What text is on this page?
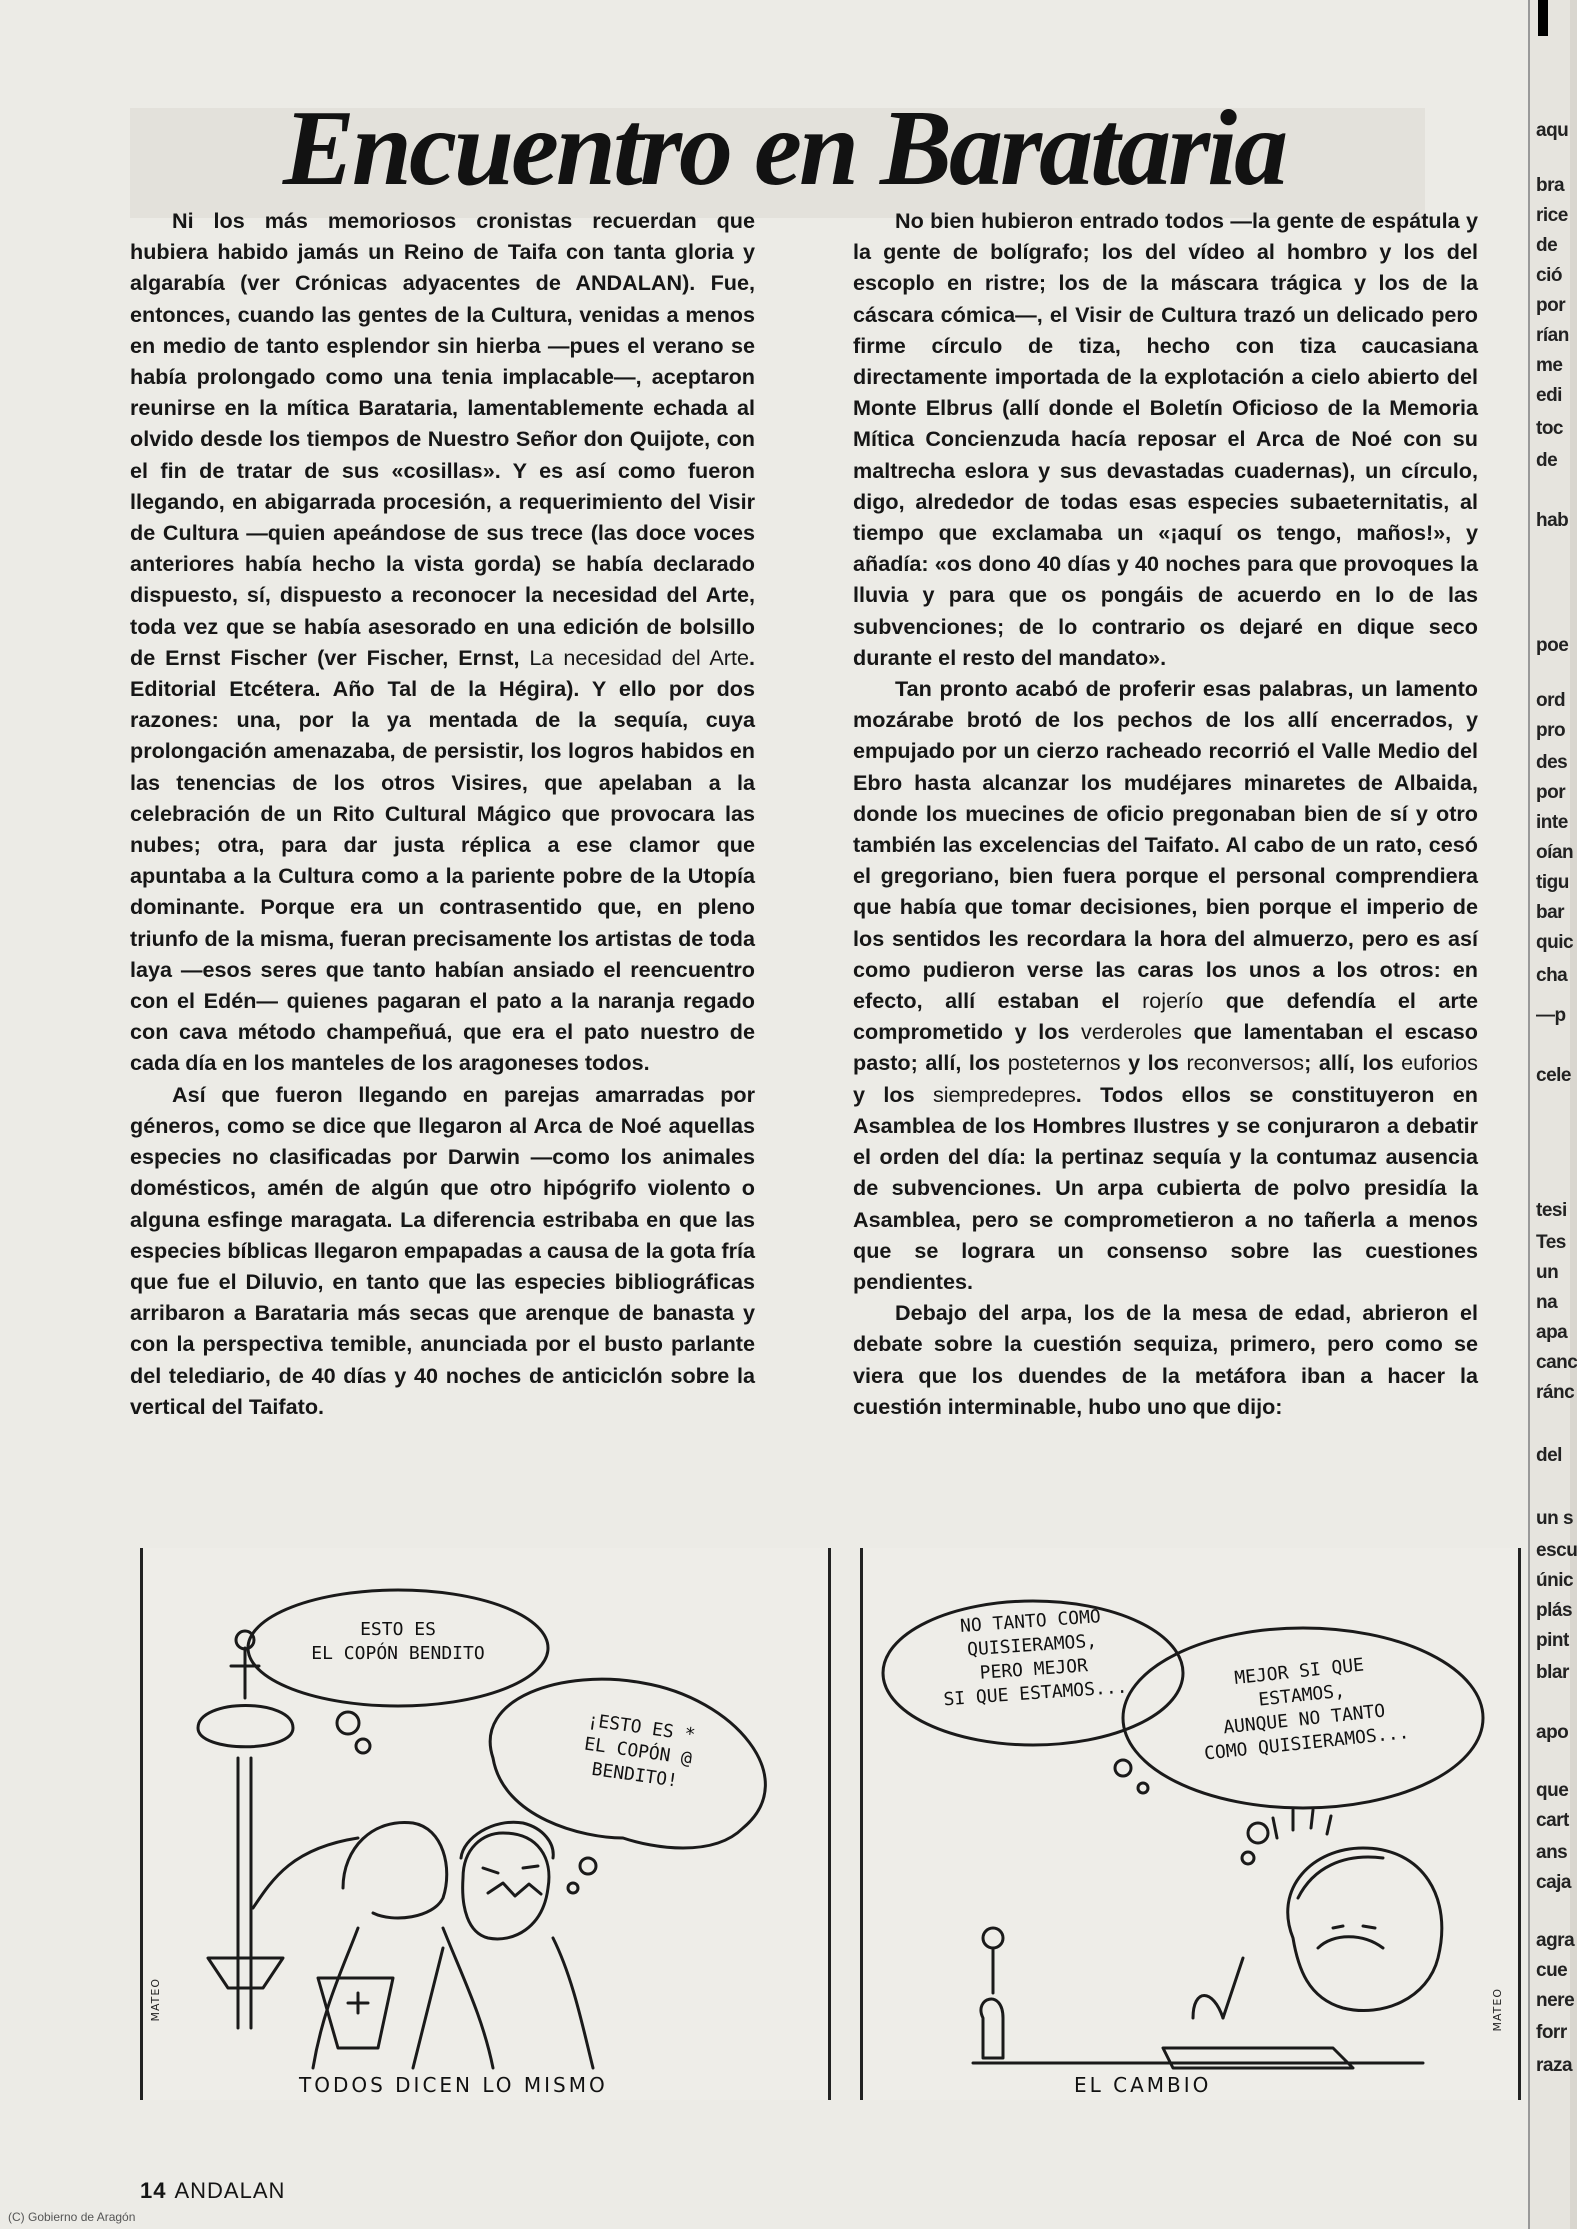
Encuentro en Barataria

Ni los más memoriosos cronistas recuerdan que hubiera habido jamás un Reino de Taifa con tanta gloria y algarabía (ver Crónicas adyacentes de ANDALAN). Fue, entonces, cuando las gentes de la Cultura, venidas a menos en medio de tanto esplendor sin hierba —pues el verano se había prolongado como una tenia implacable—, aceptaron reunirse en la mítica Barataria, lamentablemente echada al olvido desde los tiempos de Nuestro Señor don Quijote, con el fin de tratar de sus «cosillas». Y es así como fueron llegando, en abigarrada procesión, a requerimiento del Visir de Cultura —quien apeándose de sus trece (las doce voces anteriores había hecho la vista gorda) se había declarado dispuesto, sí, dispuesto a reconocer la necesidad del Arte, toda vez que se había asesorado en una edición de bolsillo de Ernst Fischer (ver Fischer, Ernst, La necesidad del Arte. Editorial Etcétera. Año Tal de la Hégira). Y ello por dos razones: una, por la ya mentada de la sequía, cuya prolongación amenazaba, de persistir, los logros habidos en las tenencias de los otros Visires, que apelaban a la celebración de un Rito Cultural Mágico que provocara las nubes; otra, para dar justa réplica a ese clamor que apuntaba a la Cultura como a la pariente pobre de la Utopía dominante. Porque era un contrasentido que, en pleno triunfo de la misma, fueran precisamente los artistas de toda laya —esos seres que tanto habían ansiado el reencuentro con el Edén— quienes pagaran el pato a la naranja regado con cava método champeñuá, que era el pato nuestro de cada día en los manteles de los aragoneses todos.

Así que fueron llegando en parejas amarradas por géneros, como se dice que llegaron al Arca de Noé aquellas especies no clasificadas por Darwin —como los animales domésticos, amén de algún que otro hipógrifo violento o alguna esfinge maragata. La diferencia estribaba en que las especies bíblicas llegaron empapadas a causa de la gota fría que fue el Diluvio, en tanto que las especies bibliográficas arribaron a Barataria más secas que arenque de banasta y con la perspectiva temible, anunciada por el busto parlante del telediario, de 40 días y 40 noches de anticiclón sobre la vertical del Taifato.

No bien hubieron entrado todos —la gente de espátula y la gente de bolígrafo; los del vídeo al hombro y los del escoplo en ristre; los de la máscara trágica y los de la cáscara cómica—, el Visir de Cultura trazó un delicado pero firme círculo de tiza, hecho con tiza caucasiana directamente importada de la explotación a cielo abierto del Monte Elbrus (allí donde el Boletín Oficioso de la Memoria Mítica Concienzuda hacía reposar el Arca de Noé con su maltrecha eslora y sus devastadas cuadernas), un círculo, digo, alrededor de todas esas especies subaeternitatis, al tiempo que exclamaba un «¡aquí os tengo, maños!», y añadía: «os dono 40 días y 40 noches para que provoques la lluvia y para que os pongáis de acuerdo en lo de las subvenciones; de lo contrario os dejaré en dique seco durante el resto del mandato».

Tan pronto acabó de proferir esas palabras, un lamento mozárabe brotó de los pechos de los allí encerrados, y empujado por un cierzo racheado recorrió el Valle Medio del Ebro hasta alcanzar los mudéjares minaretes de Albaida, donde los muecines de oficio pregonaban bien de sí y otro también las excelencias del Taifato. Al cabo de un rato, cesó el gregoriano, bien fuera porque el personal comprendiera que había que tomar decisiones, bien porque el imperio de los sentidos les recordara la hora del almuerzo, pero es así como pudieron verse las caras los unos a los otros: en efecto, allí estaban el rojerío que defendía el arte comprometido y los verderoles que lamentaban el escaso pasto; allí, los posteternos y los reconversos; allí, los euforios y los siempredepres. Todos ellos se constituyeron en Asamblea de los Hombres Ilustres y se conjuraron a debatir el orden del día: la pertinaz sequía y la contumaz ausencia de subvenciones. Un arpa cubierta de polvo presidía la Asamblea, pero se comprometieron a no tañerla a menos que se lograra un consenso sobre las cuestiones pendientes.

Debajo del arpa, los de la mesa de edad, abrieron el debate sobre la cuestión sequiza, primero, pero como se viera que los duendes de la metáfora iban a hacer la cuestión interminable, hubo uno que dijo:

ESTO ES
EL COPÓN BENDITO
¡ESTO ES *
EL COPÓN @
BENDITO!
MATEO
TODOS DICEN LO MISMO
NO TANTO COMO
QUISIERAMOS,
PERO MEJOR
SI QUE ESTAMOS...
MEJOR SI QUE
ESTAMOS,
AUNQUE NO TANTO
COMO QUISIERAMOS...
MATEO
EL CAMBIO
14 ANDALAN
(C) Gobierno de Aragón
aqu
bra
rice
de
ció
por
rían
me
edi
toc
de
hab
poe
ord
pro
des
por
inte
oían
tigu
bar
quic
cha
—p
cele
tesi
Tes
un
na
apa
canc
ránc
del
un s
escu
únic
plás
pint
blar
apo
que
cart
ans
caja
agra
cue
nere
forr
raza
